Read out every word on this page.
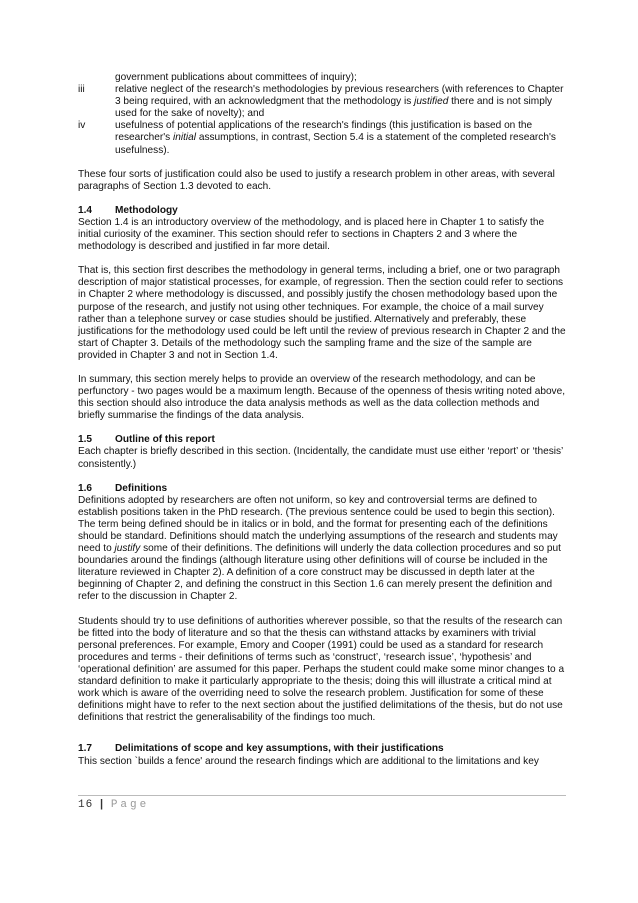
government publications about committees of inquiry);
iii	relative neglect of the research's methodologies by previous researchers (with references to Chapter 3 being required, with an acknowledgment that the methodology is justified there and is not simply used for the sake of novelty); and
iv	usefulness of potential applications of the research's findings (this justification is based on the researcher's initial assumptions, in contrast, Section 5.4 is a statement of the completed research's usefulness).

These four sorts of justification could also be used to justify a research problem in other areas, with several paragraphs of Section 1.3 devoted to each.

1.4	Methodology

Section 1.4 is an introductory overview of the methodology, and is placed here in Chapter 1 to satisfy the initial curiosity of the examiner. This section should refer to sections in Chapters 2 and 3 where the methodology is described and justified in far more detail.

That is, this section first describes the methodology in general terms, including a brief, one or two paragraph description of major statistical processes, for example, of regression. Then the section could refer to sections in Chapter 2 where methodology is discussed, and possibly justify the chosen methodology based upon the purpose of the research, and justify not using other techniques. For example, the choice of a mail survey rather than a telephone survey or case studies should be justified. Alternatively and preferably, these justifications for the methodology used could be left until the review of previous research in Chapter 2 and the start of Chapter 3. Details of the methodology such the sampling frame and the size of the sample are provided in Chapter 3 and not in Section 1.4.

In summary, this section merely helps to provide an overview of the research methodology, and can be perfunctory - two pages would be a maximum length. Because of the openness of thesis writing noted above, this section should also introduce the data analysis methods as well as the data collection methods and briefly summarise the findings of the data analysis.

1.5	Outline of this report

Each chapter is briefly described in this section. (Incidentally, the candidate must use either ‘report’ or ‘thesis’ consistently.)

1.6	Definitions

Definitions adopted by researchers are often not uniform, so key and controversial terms are defined to establish positions taken in the PhD research. (The previous sentence could be used to begin this section). The term being defined should be in italics or in bold, and the format for presenting each of the definitions should be standard. Definitions should match the underlying assumptions of the research and students may need to justify some of their definitions. The definitions will underly the data collection procedures and so put boundaries around the findings (although literature using other definitions will of course be included in the literature reviewed in Chapter 2). A definition of a core construct may be discussed in depth later at the beginning of Chapter 2, and defining the construct in this Section 1.6 can merely present the definition and refer to the discussion in Chapter 2.

Students should try to use definitions of authorities wherever possible, so that the results of the research can be fitted into the body of literature and so that the thesis can withstand attacks by examiners with trivial personal preferences. For example, Emory and Cooper (1991) could be used as a standard for research procedures and terms - their definitions of terms such as ‘construct’, ‘research issue’, ‘hypothesis’ and ‘operational definition’ are assumed for this paper. Perhaps the student could make some minor changes to a standard definition to make it particularly appropriate to the thesis; doing this will illustrate a critical mind at work which is aware of the overriding need to solve the research problem. Justification for some of these definitions might have to refer to the next section about the justified delimitations of the thesis, but do not use definitions that restrict the generalisability of the findings too much.

1.7	Delimitations of scope and key assumptions, with their justifications

This section `builds a fence' around the research findings which are additional to the limitations and key

16 | Page
